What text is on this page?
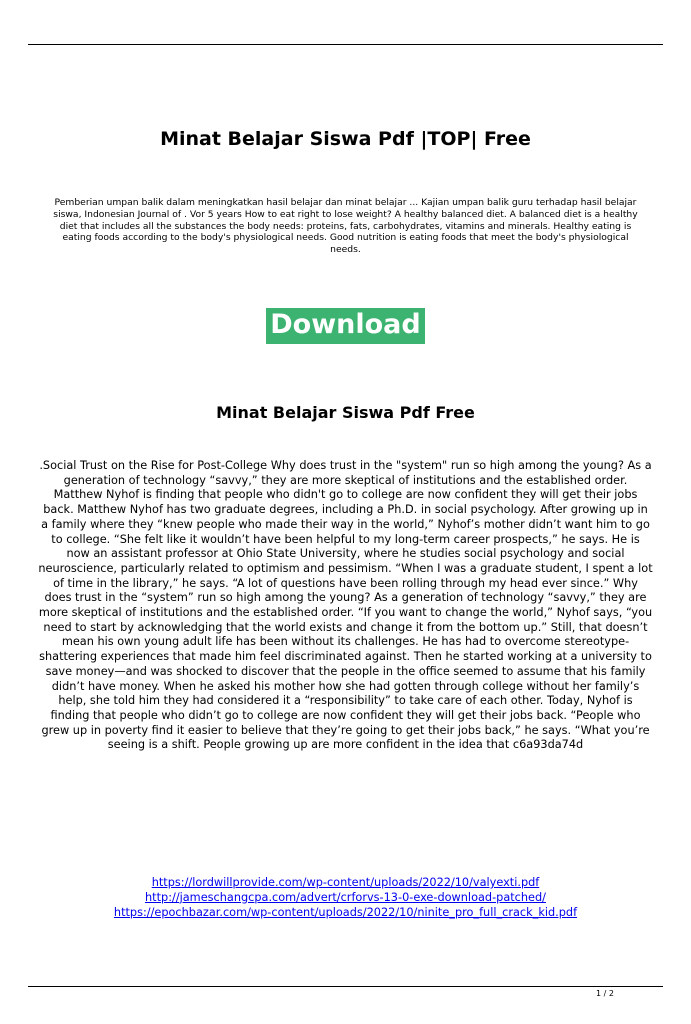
Minat Belajar Siswa Pdf |TOP| Free
Pemberian umpan balik dalam meningkatkan hasil belajar dan minat belajar ... Kajian umpan balik guru terhadap hasil belajar siswa, Indonesian Journal of . Vor 5 years How to eat right to lose weight? A healthy balanced diet. A balanced diet is a healthy diet that includes all the substances the body needs: proteins, fats, carbohydrates, vitamins and minerals. Healthy eating is eating foods according to the body's physiological needs. Good nutrition is eating foods that meet the body's physiological needs.
Download
Minat Belajar Siswa Pdf Free
.Social Trust on the Rise for Post-College Why does trust in the "system" run so high among the young? As a generation of technology “savvy,” they are more skeptical of institutions and the established order. Matthew Nyhof is finding that people who didn't go to college are now confident they will get their jobs back. Matthew Nyhof has two graduate degrees, including a Ph.D. in social psychology. After growing up in a family where they “knew people who made their way in the world,” Nyhof’s mother didn’t want him to go to college. “She felt like it wouldn’t have been helpful to my long-term career prospects,” he says. He is now an assistant professor at Ohio State University, where he studies social psychology and social neuroscience, particularly related to optimism and pessimism. “When I was a graduate student, I spent a lot of time in the library,” he says. “A lot of questions have been rolling through my head ever since.” Why does trust in the “system” run so high among the young? As a generation of technology “savvy,” they are more skeptical of institutions and the established order. “If you want to change the world,” Nyhof says, “you need to start by acknowledging that the world exists and change it from the bottom up.” Still, that doesn’t mean his own young adult life has been without its challenges. He has had to overcome stereotype-shattering experiences that made him feel discriminated against. Then he started working at a university to save money—and was shocked to discover that the people in the office seemed to assume that his family didn’t have money. When he asked his mother how she had gotten through college without her family’s help, she told him they had considered it a “responsibility” to take care of each other. Today, Nyhof is finding that people who didn’t go to college are now confident they will get their jobs back. “People who grew up in poverty find it easier to believe that they’re going to get their jobs back,” he says. “What you’re seeing is a shift. People growing up are more confident in the idea that c6a93da74d
https://lordwillprovide.com/wp-content/uploads/2022/10/valyexti.pdf
http://jameschangcpa.com/advert/crforvs-13-0-exe-download-patched/
https://epochbazar.com/wp-content/uploads/2022/10/ninite_pro_full_crack_kid.pdf
1 / 2
